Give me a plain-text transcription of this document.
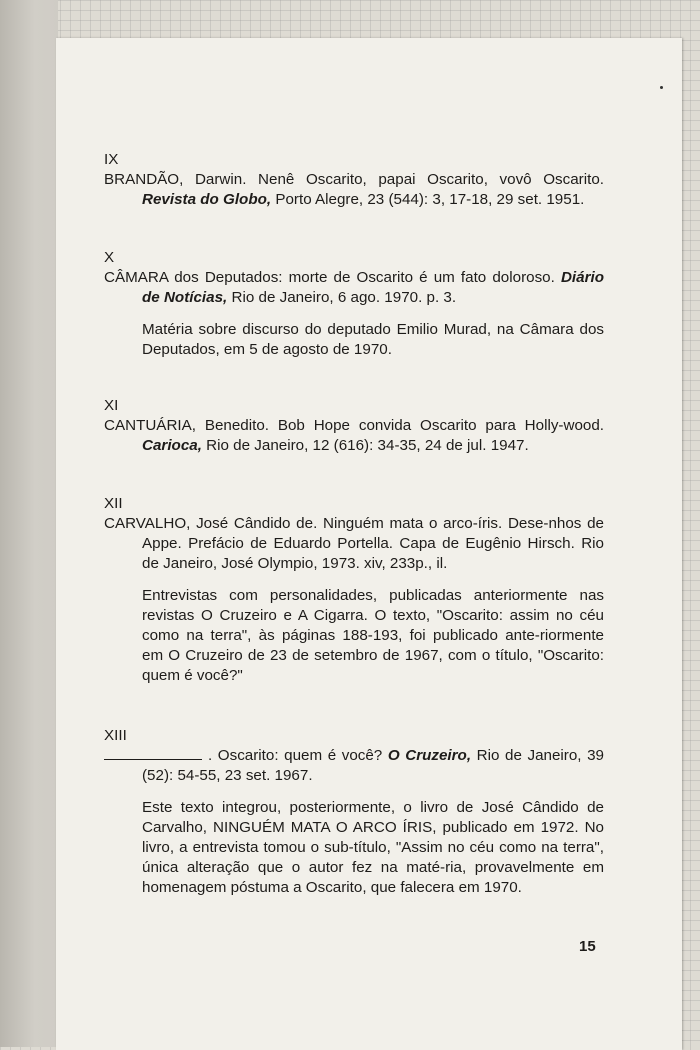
IX

BRANDÃO, Darwin. Nenê Oscarito, papai Oscarito, vovô Oscarito. Revista do Globo, Porto Alegre, 23 (544): 3, 17-18, 29 set. 1951.

X

CÂMARA dos Deputados: morte de Oscarito é um fato doloroso. Diário de Notícias, Rio de Janeiro, 6 ago. 1970. p. 3.

Matéria sobre discurso do deputado Emilio Murad, na Câmara dos Deputados, em 5 de agosto de 1970.

XI

CANTUÁRIA, Benedito. Bob Hope convida Oscarito para Holly-wood. Carioca, Rio de Janeiro, 12 (616): 34-35, 24 de jul. 1947.

XII

CARVALHO, José Cândido de. Ninguém mata o arco-íris. Dese-nhos de Appe. Prefácio de Eduardo Portella. Capa de Eugênio Hirsch. Rio de Janeiro, José Olympio, 1973. xiv, 233p., il.

Entrevistas com personalidades, publicadas anteriormente nas revistas O Cruzeiro e A Cigarra. O texto, "Oscarito: assim no céu como na terra", às páginas 188-193, foi publicado ante-riormente em O Cruzeiro de 23 de setembro de 1967, com o título, "Oscarito: quem é você?"

XIII

. Oscarito: quem é você? O Cruzeiro, Rio de Janeiro, 39 (52): 54-55, 23 set. 1967.

Este texto integrou, posteriormente, o livro de José Cândido de Carvalho, NINGUÉM MATA O ARCO ÍRIS, publicado em 1972. No livro, a entrevista tomou o sub-título, "Assim no céu como na terra", única alteração que o autor fez na maté-ria, provavelmente em homenagem póstuma a Oscarito, que falecera em 1970.

15
